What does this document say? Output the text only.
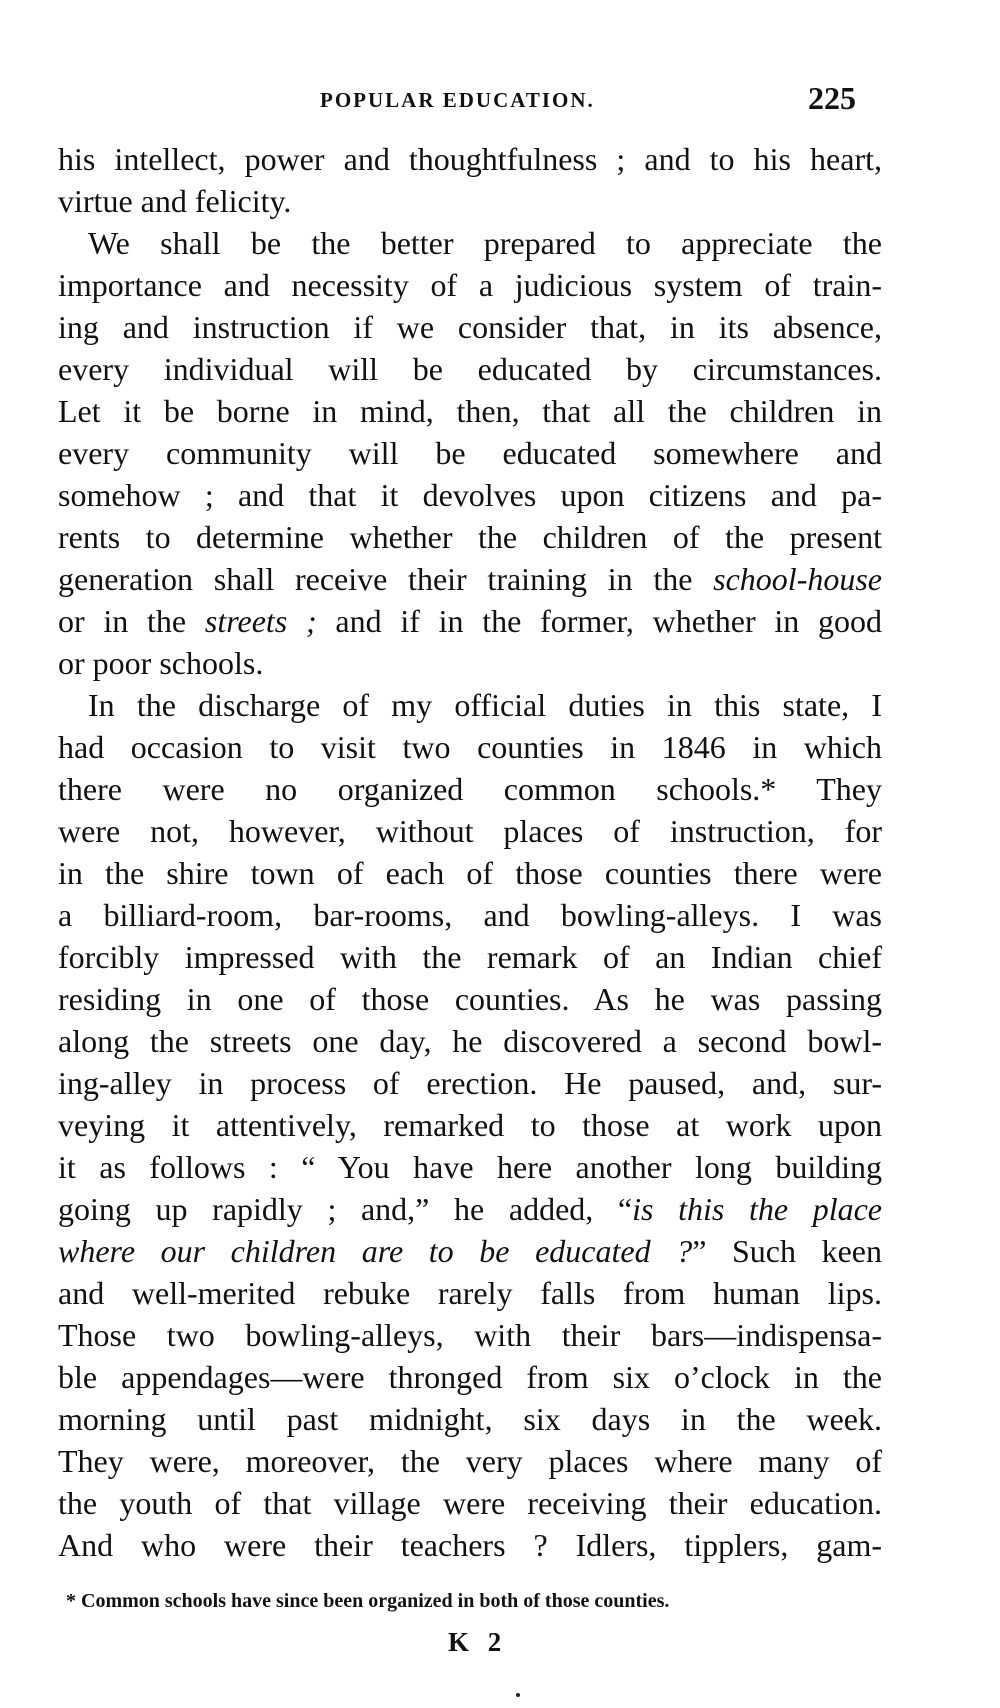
POPULAR EDUCATION.	225
his intellect, power and thoughtfulness ; and to his heart,
virtue and felicity.
We shall be the better prepared to appreciate the
importance and necessity of a judicious system of train-
ing and instruction if we consider that, in its absence,
every individual will be educated by circumstances.
Let it be borne in mind, then, that all the children in
every community will be educated somewhere and
somehow ; and that it devolves upon citizens and pa-
rents to determine whether the children of the present
generation shall receive their training in the school-house
or in the streets ; and if in the former, whether in good
or poor schools.
In the discharge of my official duties in this state, I
had occasion to visit two counties in 1846 in which
there were no organized common schools.* They
were not, however, without places of instruction, for
in the shire town of each of those counties there were
a billiard-room, bar-rooms, and bowling-alleys. I was
forcibly impressed with the remark of an Indian chief
residing in one of those counties. As he was passing
along the streets one day, he discovered a second bowl-
ing-alley in process of erection. He paused, and, sur-
veying it attentively, remarked to those at work upon
it as follows : “ You have here another long building
going up rapidly ; and,” he added, “is this the place
where our children are to be educated ?” Such keen
and well-merited rebuke rarely falls from human lips.
Those two bowling-alleys, with their bars—indispensa-
ble appendages—were thronged from six o’clock in the
morning until past midnight, six days in the week.
They were, moreover, the very places where many of
the youth of that village were receiving their education.
And who were their teachers ? Idlers, tipplers, gam-
* Common schools have since been organized in both of those counties.
K 2
